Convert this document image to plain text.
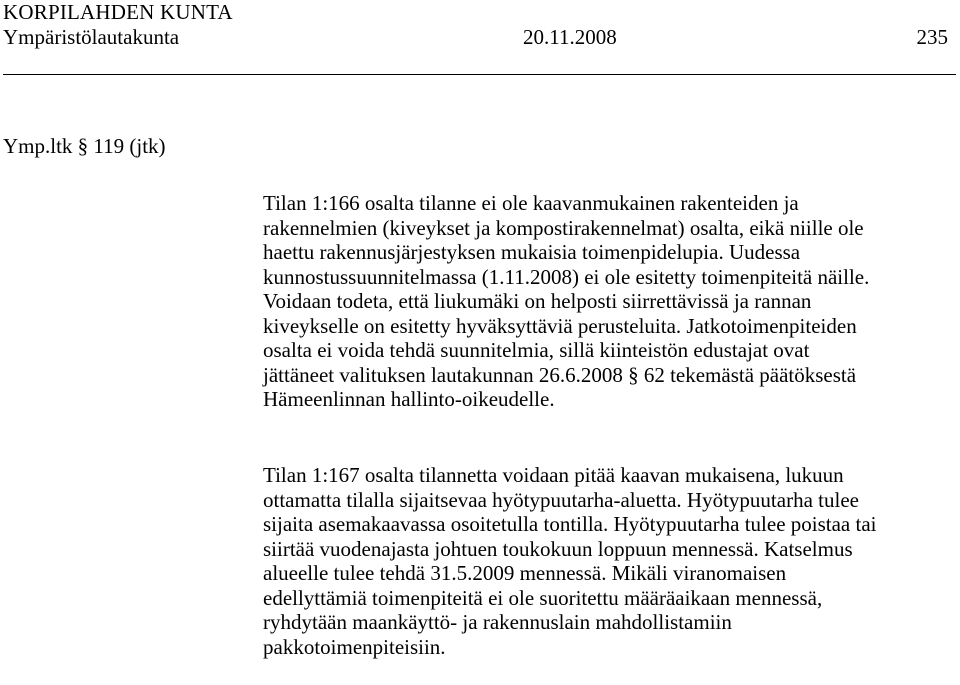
KORPILAHDEN KUNTA
Ympäristölautakunta	20.11.2008	235
Ymp.ltk § 119 (jtk)
Tilan 1:166 osalta tilanne ei ole kaavanmukainen rakenteiden ja
rakennelmien (kiveykset ja kompostirakennelmat) osalta, eikä niille ole
haettu rakennusjärjestyksen mukaisia toimenpidelupia. Uudessa
kunnostussuunnitelmassa (1.11.2008) ei ole esitetty toimenpiteitä näille.
Voidaan todeta, että liukumäki on helposti siirrettävissä ja rannan
kiveykselle on esitetty hyväksyttäviä perusteluita. Jatkotoimenpiteiden
osalta ei voida tehdä suunnitelmia, sillä kiinteistön edustajat ovat
jättäneet valituksen lautakunnan 26.6.2008 § 62 tekemästä päätöksestä
Hämeenlinnan hallinto-oikeudelle.
Tilan 1:167 osalta tilannetta voidaan pitää kaavan mukaisena, lukuun
ottamatta tilalla sijaitsevaa hyötypuutarha-aluetta. Hyötypuutarha tulee
sijaita asemakaavassa osoitetulla tontilla. Hyötypuutarha tulee poistaa tai
siirtää vuodenajasta johtuen toukokuun loppuun mennessä. Katselmus
alueelle tulee tehdä 31.5.2009 mennessä. Mikäli viranomaisen
edellyttämiä toimenpiteitä ei ole suoritettu määräaikaan mennessä,
ryhdytään maankäyttö- ja rakennuslain mahdollistamiin
pakkotoimenpiteisiin.
